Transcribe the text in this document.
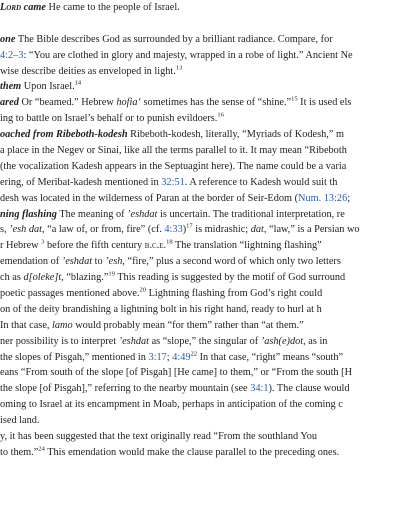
Lord came He came to the people of Israel.
one The Bible describes God as surrounded by a brilliant radiance. Compare, for
4:2–3: “You are clothed in glory and majesty, wrapped in a robe of light.” Ancient Ne
wise describe deities as enveloped in light.$^{13}$
them Upon Israel.$^{14}$
ared Or “beamed.” Hebrew hofia‘ sometimes has the sense of “shine.”$^{15}$ It is used els
ing to battle on Israel’s behalf or to punish evildoers.$^{16}$
oached from Ribeboth-kodesh Ribeboth-kodesh, literally, “Myriads of Kodesh,” m
a place in the Negev or Sinai, like all the terms parallel to it. It may mean “Ribeboth
(the vocalization Kadesh appears in the Septuagint here). The name could be a varia
ering, of Meribat-kadesh mentioned in 32:51. A reference to Kadesh would suit th
desh was located in the wilderness of Paran at the border of Seir-Edom (Num. 13:26;
ning flashing The meaning of ’eshdat is uncertain. The traditional interpretation, re
s, ’esh dat, “a law of, or from, fire” (cf. 4:33)$^{17}$ is midrashic; dat, “law,” is a Persian wo
r Hebrew $^3$ before the fifth century b.c.e.$^{18}$ The translation “lightning flashing”
emendation of ’eshdat to ’esh, “fire,” plus a second word of which only two letters
ch as d[oleke]t, “blazing.”$^{19}$ This reading is suggested by the motif of God surround
poetic passages mentioned above.$^{20}$ Lightning flashing from God’s right could
on of the deity brandishing a lightning bolt in his right hand, ready to hurl at h
In that case, lamo would probably mean “for them” rather than “at them.”
ner possibility is to interpret ’eshdat as “slope,” the singular of ’ash(e)dot, as in
the slopes of Pisgah,” mentioned in 3:17; $4:49^{22}$ In that case, “right” means “south”
eans “From south of the slope [of Pisgah] [He came] to them,” or “From the south [H
the slope [of Pisgah],” referring to the nearby mountain (see 34:1). The clause would
oming to Israel at its encampment in Moab, perhaps in anticipation of the coming c
ised land.
y, it has been suggested that the text originally read “From the southland You
to them.”$^{24}$ This emendation would make the clause parallel to the preceding ones.
